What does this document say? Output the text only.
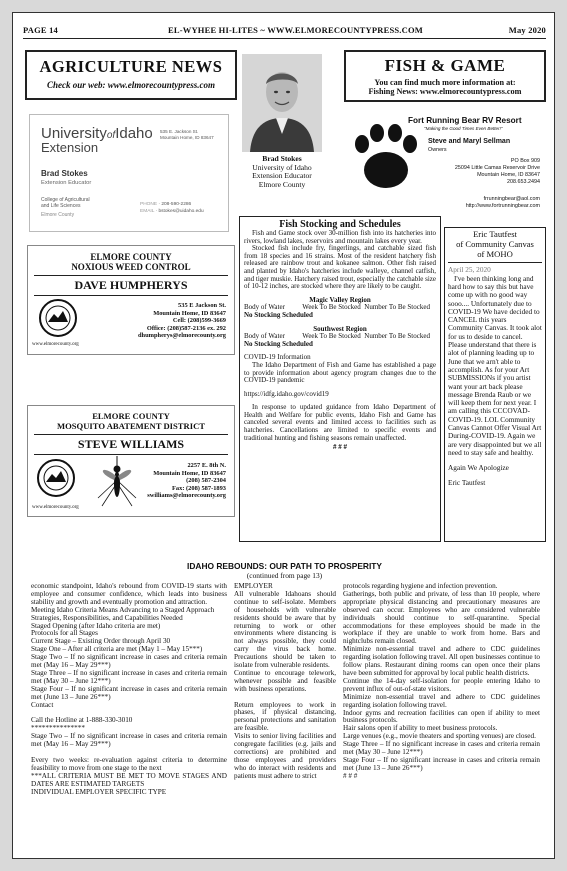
PAGE 14	EL-WYHEE HI-LITES ~ WWW.ELMORECOUNTYPRESS.COM	May 2020
AGRICULTURE NEWS
Check our web: www.elmorecountypress.com
Brad Stokes
University of Idaho
Extension Educator
Elmore County
FISH & GAME
You can find much more information at:
Fishing News: www.elmorecountypress.com
UniversityofIdaho
Extension
535 E. Jackson St.
Mountain Home, ID 83647
Brad Stokes
Extension Educator
College of Agricultural
and Life Sciences
Elmore County
PHONE · 208-590-2286
EMAIL · bstokes@uidaho.edu
Fort Running Bear RV Resort
"Making the Good Times Even Better!"
Steve and Maryl Sellman
Owners
PO Box 909
25094 Little Camas Reservoir Drive
Mountain Home, ID 83647
208.653.2494
frrunningbear@aol.com
http://www.fortrunningbear.com
ELMORE COUNTY
NOXIOUS WEED CONTROL
DAVE HUMPHERYS
www.elmorecounty.org
535 E Jackson St.
Mountain Home, ID 83647
Cell: (208)599-3669
Office: (208)587-2136 ex. 292
dhumpherys@elmorecounty.org
ELMORE COUNTY
MOSQUITO ABATEMENT DISTRICT
STEVE WILLIAMS
www.elmorecounty.org
2257 E. 8th N.
Mountain Home, ID 83647
(208) 587-2304
Fax: (208) 587-1893
swilliams@elmorecounty.org
Fish Stocking and Schedules

Fish and Game stock over 30-million fish into its hatcheries into rivers, lowland lakes, reservoirs and mountain lakes every year.

Stocked fish include fry, fingerlings, and catchable sized fish from 18 species and 16 strains. Most of the resident hatchery fish released are rainbow trout and kokanee salmon. Other fish raised and planted by Idaho's hatcheries include walleye, channel catfish, and tiger muskie. Hatchery raised trout, especially the catchable size of 10-12 inches, are stocked where they are likely to be caught.

Magic Valley Region

Body of Water          Week To Be Stocked  Number To Be Stocked

No Stocking Scheduled

Southwest Region

Body of Water          Week To Be Stocked  Number To Be Stocked

No Stocking Scheduled

COVID-19 Information

The Idaho Department of Fish and Game has established a page to provide information about agency program changes due to the COVID-19 pandemic

https://idfg.idaho.gov/covid19

In response to updated guidance from Idaho Department of Health and Welfare for public events, Idaho Fish and Game has canceled several events and limited access to facilities such as hatcheries. Cancellations are limited to specific events and traditional hunting and fishing seasons remain unaffected.

# # #

Eric Tautfest
of Community Canvas
of MOHO
April 25, 2020
I've been thinking long and hard how to say this but have come up with no good way sooo.... Unfortunately due to COVID-19 We have decided to CANCEL this years Community Canvas. It took alot for us to deside to cancel. Please understand that there is alot of planning leading up to June that we arn't able to accomplish. As for your Art SUBMISSIONs if you artist want your art back please message Brenda Raub or we will keep them for next year. I am calling this CCCOVAD-COVID-19. LOL Community Canvas Cannot Offer Visual Art During-COVID-19. Again we are very disappointed but we all need to stay safe and healthy.
Again We Apologize
Eric Tautfest
IDAHO REBOUNDS: OUR PATH TO PROSPERITY
(continued from page 13)

economic standpoint, Idaho's rebound from COVID-19 starts with employee and consumer confidence, which leads into business stability and growth and eventually promotion and attraction.

Meeting Idaho Criteria Means Advancing to a Staged Approach

Strategies, Responsibilities, and Capabilities Needed

Staged Opening (after Idaho criteria are met)

Protocols for all Stages

Current Stage – Existing Order through April 30

Stage One – After all criteria are met (May 1 – May 15***)

Stage Two – If no significant increase in cases and criteria remain met (May 16 – May 29***)

Stage Three – If no significant increase in cases and criteria remain met (May 30 – June 12***)

Stage Four – If no significant increase in cases and criteria remain met (June 13 – June 26***)

Contact

Call the Hotline at 1-888-330-3010

***************

Stage Two – If no significant increase in cases and criteria remain met (May 16 – May 29***)

Every two weeks: re-evaluation against criteria to determine feasibility to move from one stage to the next

***ALL CRITERIA MUST BE MET TO MOVE STAGES AND DATES ARE ESTIMATED TARGETS

INDIVIDUAL EMPLOYER SPECIFIC TYPE

EMPLOYER

All vulnerable Idahoans should continue to self-isolate. Members of households with vulnerable residents should be aware that by returning to work or other environments where distancing is not always possible, they could carry the virus back home. Precautions should be taken to isolate from vulnerable residents.

Continue to encourage telework, whenever possible and feasible with business operations.

Return employees to work in phases, if physical distancing, personal protections and sanitation are feasible.

Visits to senior living facilities and congregate facilities (e.g. jails and corrections) are prohibited and those employees and providers who do interact with residents and patients must adhere to strict

protocols regarding hygiene and infection prevention.

Gatherings, both public and private, of less than 10 people, where appropriate physical distancing and precautionary measures are observed can occur. Employees who are considered vulnerable individuals should continue to self-quarantine. Special accommodations for these employees should be made in the workplace if they are unable to work from home. Bars and nightclubs remain closed.

Minimize non-essential travel and adhere to CDC guidelines regarding isolation following travel. All open businesses continue to follow plans. Restaurant dining rooms can open once their plans have been submitted for approval by local public health districts.

Continue the 14-day self-isolation for people entering Idaho to prevent influx of out-of-state visitors.

Minimize non-essential travel and adhere to CDC guidelines regarding isolation following travel.

Indoor gyms and recreation facilities can open if ability to meet business protocols.

Hair salons open if ability to meet business protocols.

Large venues (e.g., movie theaters and sporting venues) are closed.

Stage Three – If no significant increase in cases and criteria remain met (May 30 – June 12***)

Stage Four – If no significant increase in cases and criteria remain met (June 13 – June 26***)

# # #
